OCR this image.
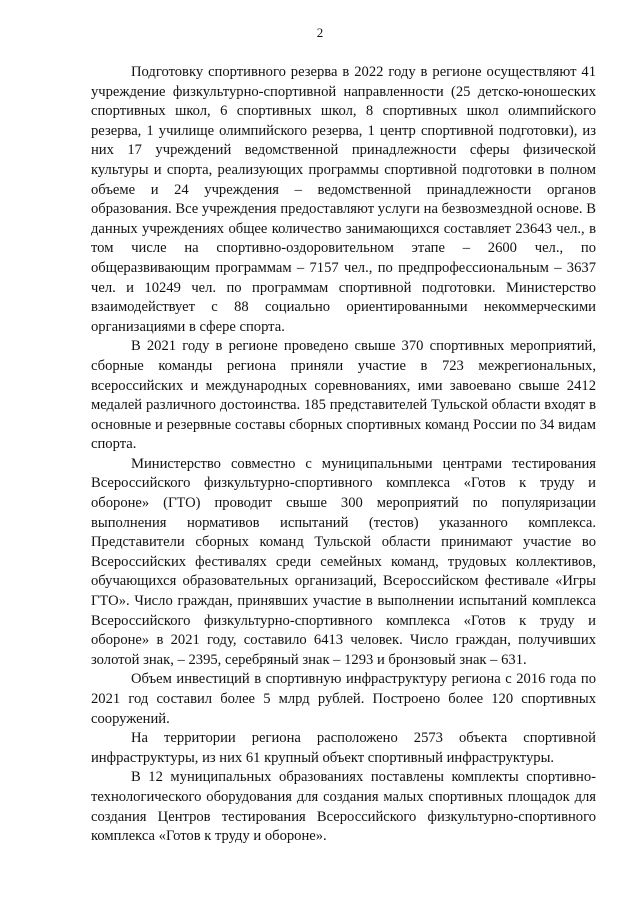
2

Подготовку спортивного резерва в 2022 году в регионе осуществляют 41 учреждение физкультурно-спортивной направленности (25 детско-юношеских спортивных школ, 6 спортивных школ, 8 спортивных школ олимпийского резерва, 1 училище олимпийского резерва, 1 центр спортивной подготовки), из них 17 учреждений ведомственной принадлежности сферы физической культуры и спорта, реализующих программы спортивной подготовки в полном объеме и 24 учреждения – ведомственной принадлежности органов образования. Все учреждения предоставляют услуги на безвозмездной основе. В данных учреждениях общее количество занимающихся составляет 23643 чел., в том числе на спортивно-оздоровительном этапе – 2600 чел., по общеразвивающим программам – 7157 чел., по предпрофессиональным – 3637 чел. и 10249 чел. по программам спортивной подготовки. Министерство взаимодействует с 88 социально ориентированными некоммерческими организациями в сфере спорта.

В 2021 году в регионе проведено свыше 370 спортивных мероприятий, сборные команды региона приняли участие в 723 межрегиональных, всероссийских и международных соревнованиях, ими завоевано свыше 2412 медалей различного достоинства. 185 представителей Тульской области входят в основные и резервные составы сборных спортивных команд России по 34 видам спорта.

Министерство совместно с муниципальными центрами тестирования Всероссийского физкультурно-спортивного комплекса «Готов к труду и обороне» (ГТО) проводит свыше 300 мероприятий по популяризации выполнения нормативов испытаний (тестов) указанного комплекса. Представители сборных команд Тульской области принимают участие во Всероссийских фестивалях среди семейных команд, трудовых коллективов, обучающихся образовательных организаций, Всероссийском фестивале «Игры ГТО». Число граждан, принявших участие в выполнении испытаний комплекса Всероссийского физкультурно-спортивного комплекса «Готов к труду и обороне» в 2021 году, составило 6413 человек. Число граждан, получивших золотой знак, – 2395, серебряный знак – 1293 и бронзовый знак – 631.

Объем инвестиций в спортивную инфраструктуру региона с 2016 года по 2021 год составил более 5 млрд рублей. Построено более 120 спортивных сооружений.

На территории региона расположено 2573 объекта спортивной инфраструктуры, из них 61 крупный объект спортивный инфраструктуры.

В 12 муниципальных образованиях поставлены комплекты спортивно-технологического оборудования для создания малых спортивных площадок для создания Центров тестирования Всероссийского физкультурно-спортивного комплекса «Готов к труду и обороне».
